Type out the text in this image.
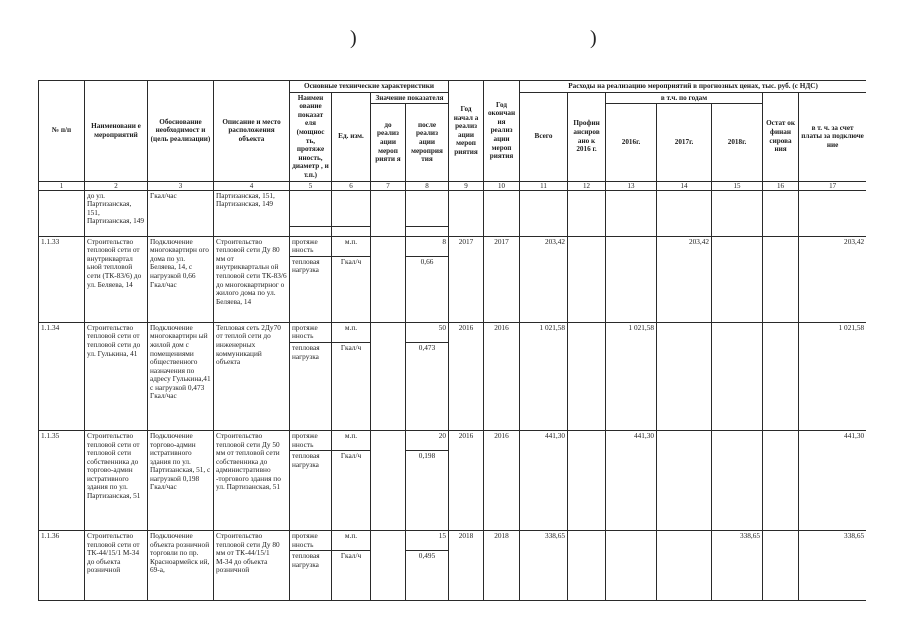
)	)
№ п/п	Наименовани е мероприятий	Обоснование необходимост и (цель реализации)	Описание и место расположения объекта	Основные технические характеристики				Год начал а реализ ации мероп риятия	Год окончания реализ ации мероп риятия	Расходы на реализацию мероприятий в прогнозных ценах, тыс. руб. (с НДС)						
				Наимен ование показат еля (мощнос ть, протяже нность, диаметр , и т.п.)	Ед. изм.	Значение показателя				Всего	Профин ансиров ано к 2016 г.	в т.ч. по годам			Остат ок финан сирова ния	в т. ч. за счет платы за подключе ние
						до реализ ации мероп рияти я	после реализ ации мероприя тия					2016г.	2017г.	2018г.		

1	2	3	4	5	6	7	8	9	10	11	12	13	14	15	16	17
	до ул. Партизанская, 151, Партизанская, 149	Гкал/час	Партизанская, 151, Партизанская, 149													

1.1.33	Строительство тепловой сети от внутриквартал ьной тепловой сети (ТК-83/6) до ул. Беляева, 14	Подключение многоквартирн ого дома по ул. Беляева, 14, с нагрузкой 0,66 Гкал/час	Строительство тепловой сети Ду 80 мм от внутриквартальн ой тепловой сети ТК-83/6 до многоквартирног о жилого дома по ул. Беляева, 14	протяже нность	м.п.		8	2017	2017	203,42			203,42			203,42
				тепловая нагрузка	Гкал/ч		0,66									
1.1.34	Строительство тепловой сети от тепловой сети до ул. Гулькина, 41	Подключение многоквартирн ый жилой дом с помещениями общественного назначения по адресу Гулькина,41 с нагрузкой 0,473 Гкал/час	Тепловая сеть 2Ду70 от теплой сети до инженерных коммуникаций объекта	протяже нность	м.п.		50	2016	2016	1 021,58		1 021,58				1 021,58
				тепловая нагрузка	Гкал/ч		0,473									
1.1.35	Строительство тепловой сети от тепловой сети собственника до торгово-админ истративного здания по ул. Партизанская, 51	Подключение торгово-админ истративного здания по ул. Партизанская, 51, с нагрузкой 0,198 Гкал/час	Строительство тепловой сети Ду 50 мм от тепловой сети собственника до административно -торгового здания по ул. Партизанская, 51	протяже нность	м.п.		20	2016	2016	441,30		441,30				441,30
				тепловая нагрузка	Гкал/ч		0,198									
1.1.36	Строительство тепловой сети от ТК-44/15/1 М-34 до объекта розничной	Подключение объекта розничной торговли по пр. Красноармейск ий, 69-а,	Строительство тепловой сети Ду 80 мм от ТК-44/15/1 М-34 до объекта розничной	протяже нность	м.п.		15	2018	2018	338,65				338,65		338,65
				тепловая нагрузка	Гкал/ч		0,495									
